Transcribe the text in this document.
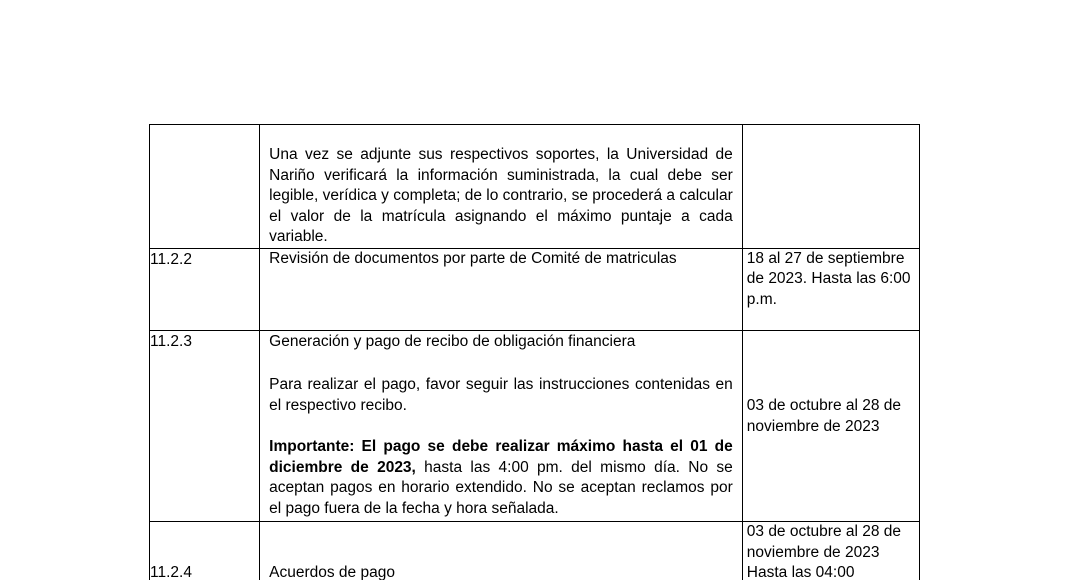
	Una vez se adjunte sus respectivos soportes, la Universidad de Nariño verificará la información suministrada, la cual debe ser legible, verídica y completa; de lo contrario, se procederá a calcular el valor de la matrícula asignando el máximo puntaje a cada variable.	

11.2.2	Revisión de documentos por parte de Comité de matriculas	18 al 27 de septiembre de 2023. Hasta las 6:00 p.m.
11.2.3	Generación y pago de recibo de obligación financiera
Para realizar el pago, favor seguir las instrucciones contenidas en el respectivo recibo.
Importante: El pago se debe realizar máximo hasta el 01 de diciembre de 2023, hasta las 4:00 pm. del mismo día. No se aceptan pagos en horario extendido. No se aceptan reclamos por el pago fuera de la fecha y hora señalada.	03 de octubre al 28 de noviembre de 2023

11.2.4	Acuerdos de pago	03 de octubre al 28 de noviembre de 2023
Hasta las 04:00
